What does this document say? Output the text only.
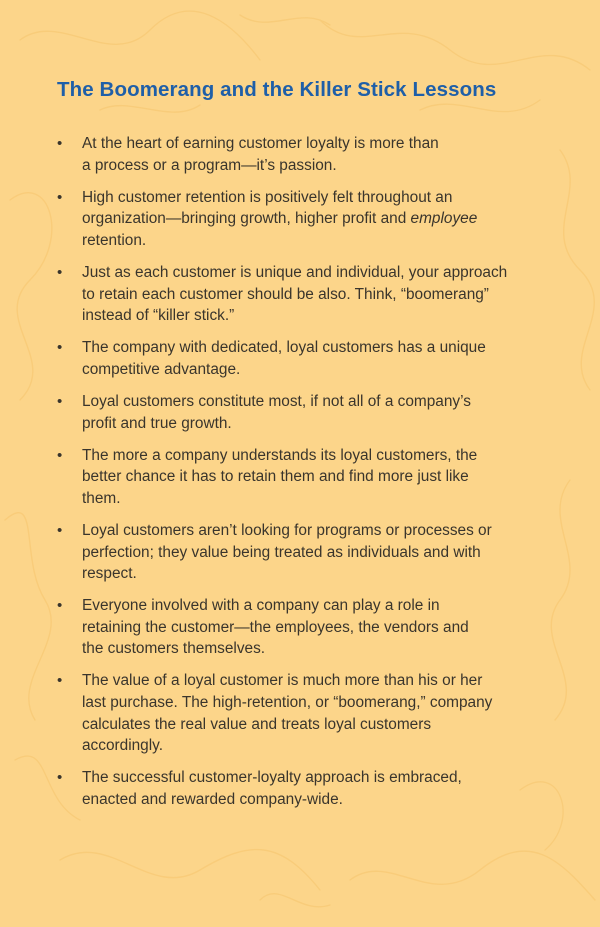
The Boomerang and the Killer Stick Lessons
• At the heart of earning customer loyalty is more than
a process or a program—it’s passion.
• High customer retention is positively felt throughout an
organization—bringing growth, higher profit and employee
retention.
• Just as each customer is unique and individual, your approach
to retain each customer should be also. Think, “boomerang”
instead of “killer stick.”
• The company with dedicated, loyal customers has a unique
competitive advantage.
• Loyal customers constitute most, if not all of a company’s
profit and true growth.
• The more a company understands its loyal customers, the
better chance it has to retain them and find more just like
them.
• Loyal customers aren’t looking for programs or processes or
perfection; they value being treated as individuals and with
respect.
• Everyone involved with a company can play a role in
retaining the customer—the employees, the vendors and
the customers themselves.
• The value of a loyal customer is much more than his or her
last purchase. The high-retention, or “boomerang,” company
calculates the real value and treats loyal customers
accordingly.
• The successful customer-loyalty approach is embraced,
enacted and rewarded company-wide.
